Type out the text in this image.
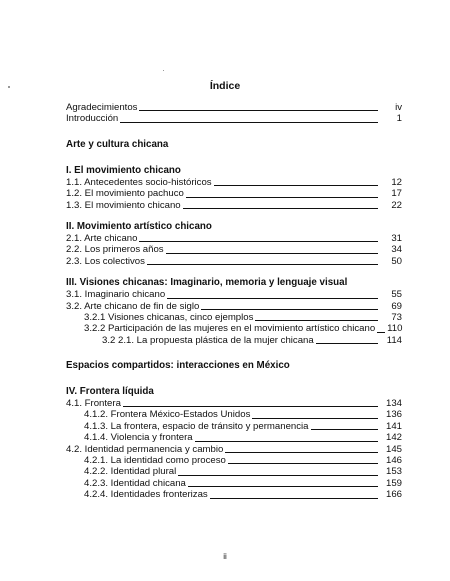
Índice
Agradecimientos	iv
Introducción	1
Arte y cultura chicana
I. El movimiento chicano
1.1. Antecedentes socio-históricos	12
1.2. El movimiento pachuco	17
1.3. El movimiento chicano	22
II. Movimiento artístico chicano
2.1. Arte chicano	31
2.2. Los primeros años	34
2.3. Los colectivos	50
III. Visiones chicanas: Imaginario, memoria y lenguaje visual
3.1. Imaginario chicano	55
3.2. Arte chicano de fin de siglo	69
3.2.1 Visiones chicanas, cinco ejemplos	73
3.2.2 Participación de las mujeres en el movimiento artístico chicano 110
3.2 2.1. La propuesta plástica de la mujer chicana	114
Espacios compartidos: interacciones en México
IV. Frontera líquida
4.1. Frontera	134
4.1.2. Frontera México-Estados Unidos	136
4.1.3. La frontera, espacio de tránsito y permanencia	141
4.1.4. Violencia y frontera	142
4.2. Identidad permanencia y cambio	145
4.2.1. La identidad como proceso	146
4.2.2. Identidad plural	153
4.2.3. Identidad chicana	159
4.2.4. Identidades fronterizas	166
ii
